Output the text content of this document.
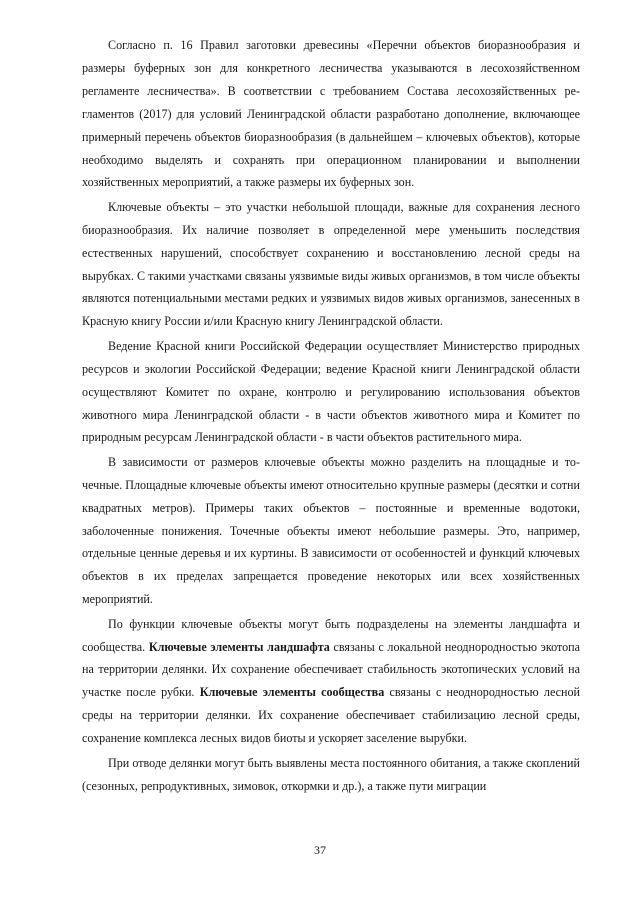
Согласно п. 16 Правил заготовки древесины «Перечни объектов биоразнообразия и размеры буферных зон для конкретного лесничества указываются в лесохозяйственном регламенте лесничества». В соответствии с требованием Состава лесохозяйственных регламентов (2017) для условий Ленинградской области разработано дополнение, включающее примерный перечень объектов биоразнообразия (в дальнейшем – ключевых объектов), которые необходимо выделять и сохранять при операционном планировании и выполнении хозяйственных мероприятий, а также размеры их буферных зон.

Ключевые объекты – это участки небольшой площади, важные для сохранения лесного биоразнообразия. Их наличие позволяет в определенной мере уменьшить последствия естественных нарушений, способствует сохранению и восстановлению лесной среды на вырубках. С такими участками связаны уязвимые виды живых организмов, в том числе объекты являются потенциальными местами редких и уязвимых видов живых организмов, занесенных в Красную книгу России и/или Красную книгу Ленинградской области.

Ведение Красной книги Российской Федерации осуществляет Министерство природных ресурсов и экологии Российской Федерации; ведение Красной книги Ленинградской области осуществляют Комитет по охране, контролю и регулированию использования объектов животного мира Ленинградской области - в части объектов животного мира и Комитет по природным ресурсам Ленинградской области - в части объектов растительного мира.

В зависимости от размеров ключевые объекты можно разделить на площадные и точечные. Площадные ключевые объекты имеют относительно крупные размеры (десятки и сотни квадратных метров). Примеры таких объектов – постоянные и временные водотоки, заболоченные понижения. Точечные объекты имеют небольшие размеры. Это, например, отдельные ценные деревья и их куртины. В зависимости от особенностей и функций ключевых объектов в их пределах запрещается проведение некоторых или всех хозяйственных мероприятий.

По функции ключевые объекты могут быть подразделены на элементы ландшафта и сообщества. Ключевые элементы ландшафта связаны с локальной неоднородностью экотопа на территории делянки. Их сохранение обеспечивает стабильность экотопических условий на участке после рубки. Ключевые элементы сообщества связаны с неоднородностью лесной среды на территории делянки. Их сохранение обеспечивает стабилизацию лесной среды, сохранение комплекса лесных видов биоты и ускоряет заселение вырубки.

При отводе делянки могут быть выявлены места постоянного обитания, а также скоплений (сезонных, репродуктивных, зимовок, откормки и др.), а также пути миграции

37
